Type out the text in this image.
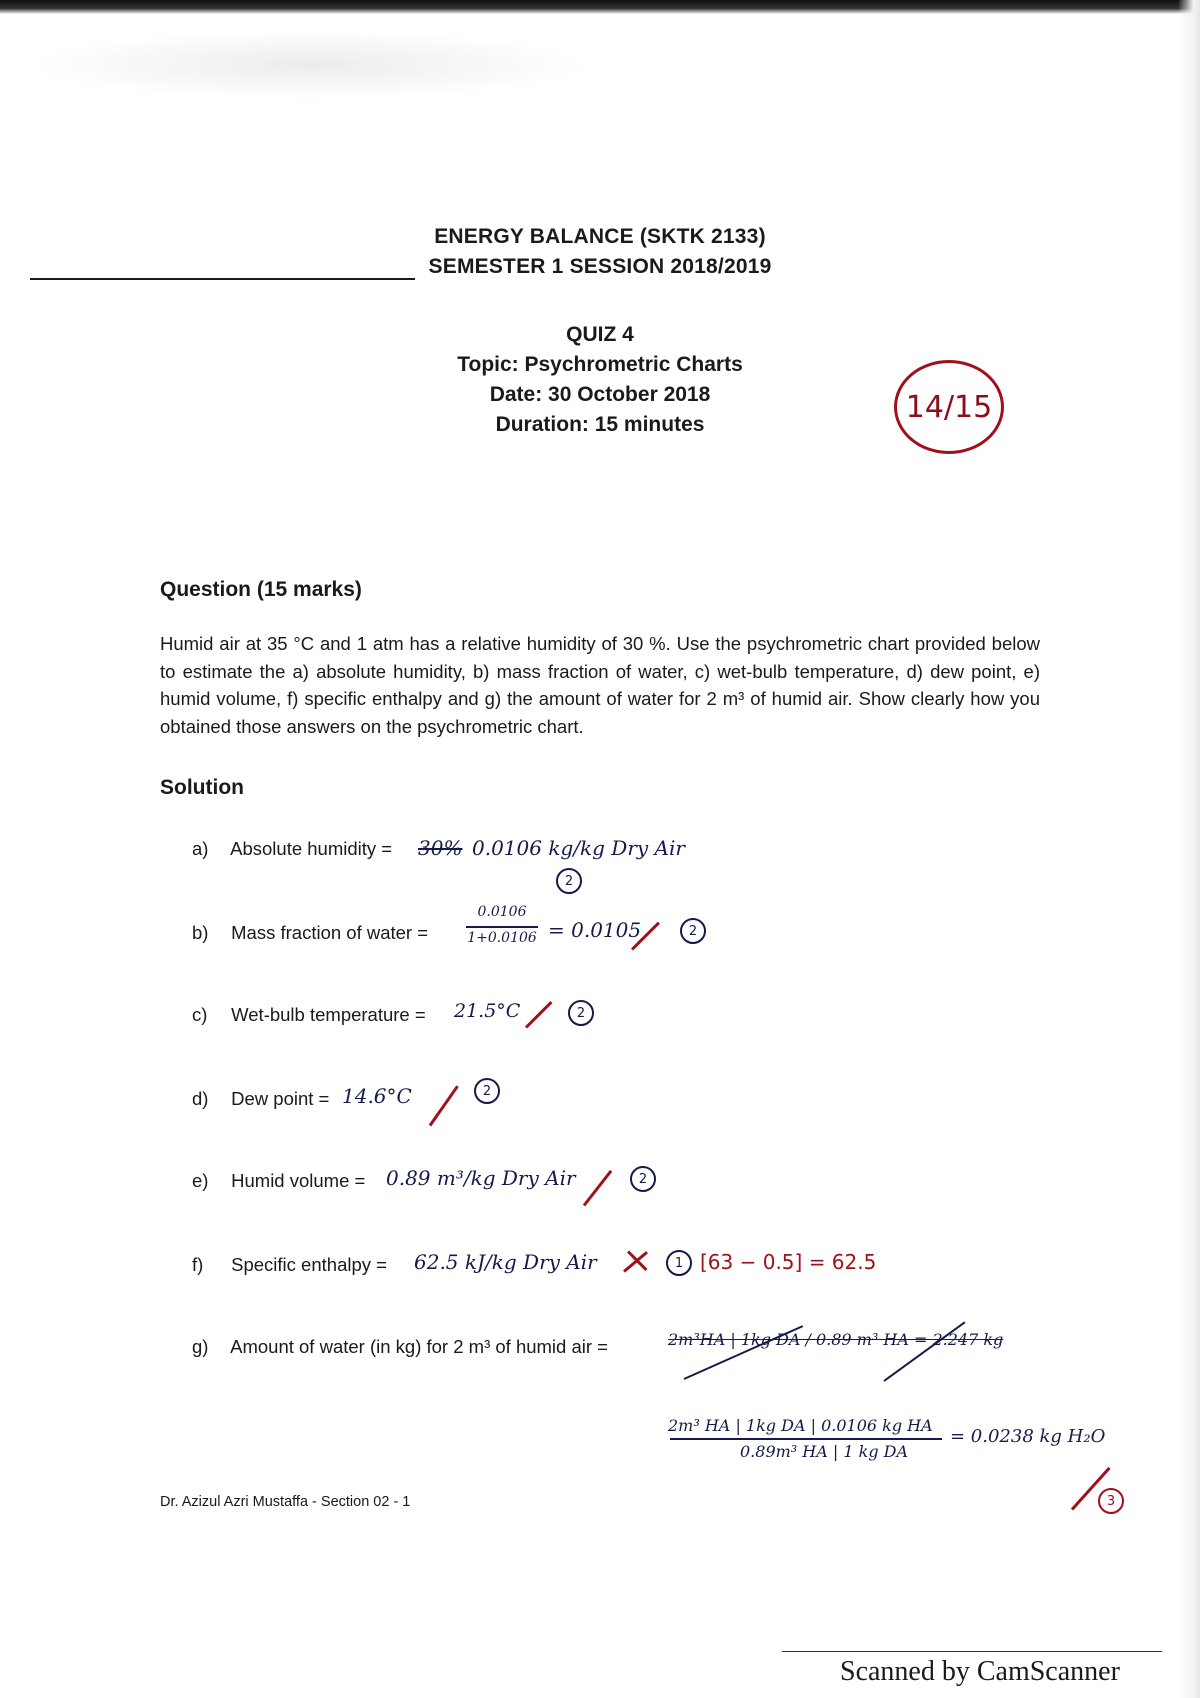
ENERGY BALANCE (SKTK 2133)
SEMESTER 1 SESSION 2018/2019
QUIZ 4
Topic: Psychrometric Charts
Date: 30 October 2018
Duration: 15 minutes	14/15
Question (15 marks)
Humid air at 35 °C and 1 atm has a relative humidity of 30 %. Use the psychrometric chart provided below to estimate the a) absolute humidity, b) mass fraction of water, c) wet-bulb temperature, d) dew point, e) humid volume, f) specific enthalpy and g) the amount of water for 2 m³ of humid air. Show clearly how you obtained those answers on the psychrometric chart.
Solution
a) Absolute humidity = 30% 0.0106 kg/kg Dry Air
2
b) Mass fraction of water =
0.0106
1+0.0106 = 0.0105	2
c) Wet-bulb temperature = 21.5°C	2
d) Dew point = 14.6°C	2
e) Humid volume = 0.89 m³/kg Dry Air	2
f) Specific enthalpy = 62.5 kJ/kg Dry Air	1 [63 − 0.5] = 62.5
g) Amount of water (in kg) for 2 m³ of humid air =	2m³HA | 1kg DA / 0.89 m³ HA = 2.247 kg
2m³ HA | 1kg DA | 0.0106 kg HA
0.89m³ HA | 1 kg DA
= 0.0238 kg H₂O
3
Dr. Azizul Azri Mustaffa - Section 02 - 1
Scanned by CamScanner
